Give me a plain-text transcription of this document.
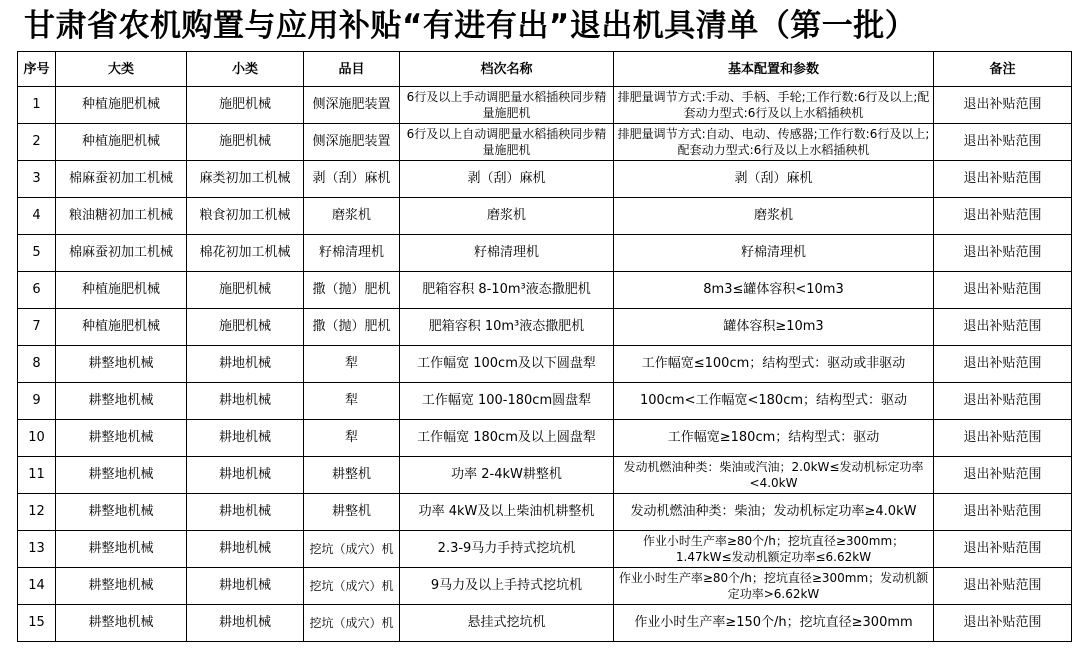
甘肃省农机购置与应用补贴“有进有出”退出机具清单（第一批）
序号	大类	小类	品目	档次名称	基本配置和参数	备注
1	种植施肥机械	施肥机械	侧深施肥装置	6行及以上手动调肥量水稻插秧同步精量施肥机	排肥量调节方式:手动、手柄、手轮;工作行数:6行及以上;配套动力型式:6行及以上水稻插秧机	退出补贴范围
2	种植施肥机械	施肥机械	侧深施肥装置	6行及以上自动调肥量水稻插秧同步精量施肥机	排肥量调节方式:自动、电动、传感器;工作行数:6行及以上;配套动力型式:6行及以上水稻插秧机	退出补贴范围
3	棉麻蚕初加工机械	麻类初加工机械	剥（刮）麻机	剥（刮）麻机	剥（刮）麻机	退出补贴范围
4	粮油糖初加工机械	粮食初加工机械	磨浆机	磨浆机	磨浆机	退出补贴范围
5	棉麻蚕初加工机械	棉花初加工机械	籽棉清理机	籽棉清理机	籽棉清理机	退出补贴范围
6	种植施肥机械	施肥机械	撒（抛）肥机	肥箱容积 8-10m³液态撒肥机	8m3≤罐体容积<10m3	退出补贴范围
7	种植施肥机械	施肥机械	撒（抛）肥机	肥箱容积 10m³液态撒肥机	罐体容积≥10m3	退出补贴范围
8	耕整地机械	耕地机械	犁	工作幅宽 100cm及以下圆盘犁	工作幅宽≤100cm；结构型式：驱动或非驱动	退出补贴范围
9	耕整地机械	耕地机械	犁	工作幅宽 100-180cm圆盘犁	100cm<工作幅宽<180cm；结构型式：驱动	退出补贴范围
10	耕整地机械	耕地机械	犁	工作幅宽 180cm及以上圆盘犁	工作幅宽≥180cm；结构型式：驱动	退出补贴范围
11	耕整地机械	耕地机械	耕整机	功率 2-4kW耕整机	发动机燃油种类：柴油或汽油；2.0kW≤发动机标定功率<4.0kW	退出补贴范围
12	耕整地机械	耕地机械	耕整机	功率 4kW及以上柴油机耕整机	发动机燃油种类：柴油；发动机标定功率≥4.0kW	退出补贴范围
13	耕整地机械	耕地机械	挖坑（成穴）机	2.3-9马力手持式挖坑机	作业小时生产率≥80个/h；挖坑直径≥300mm；1.47kW≤发动机额定功率≤6.62kW	退出补贴范围
14	耕整地机械	耕地机械	挖坑（成穴）机	9马力及以上手持式挖坑机	作业小时生产率≥80个/h；挖坑直径≥300mm；发动机额定功率>6.62kW	退出补贴范围
15	耕整地机械	耕地机械	挖坑（成穴）机	悬挂式挖坑机	作业小时生产率≥150个/h；挖坑直径≥300mm	退出补贴范围
